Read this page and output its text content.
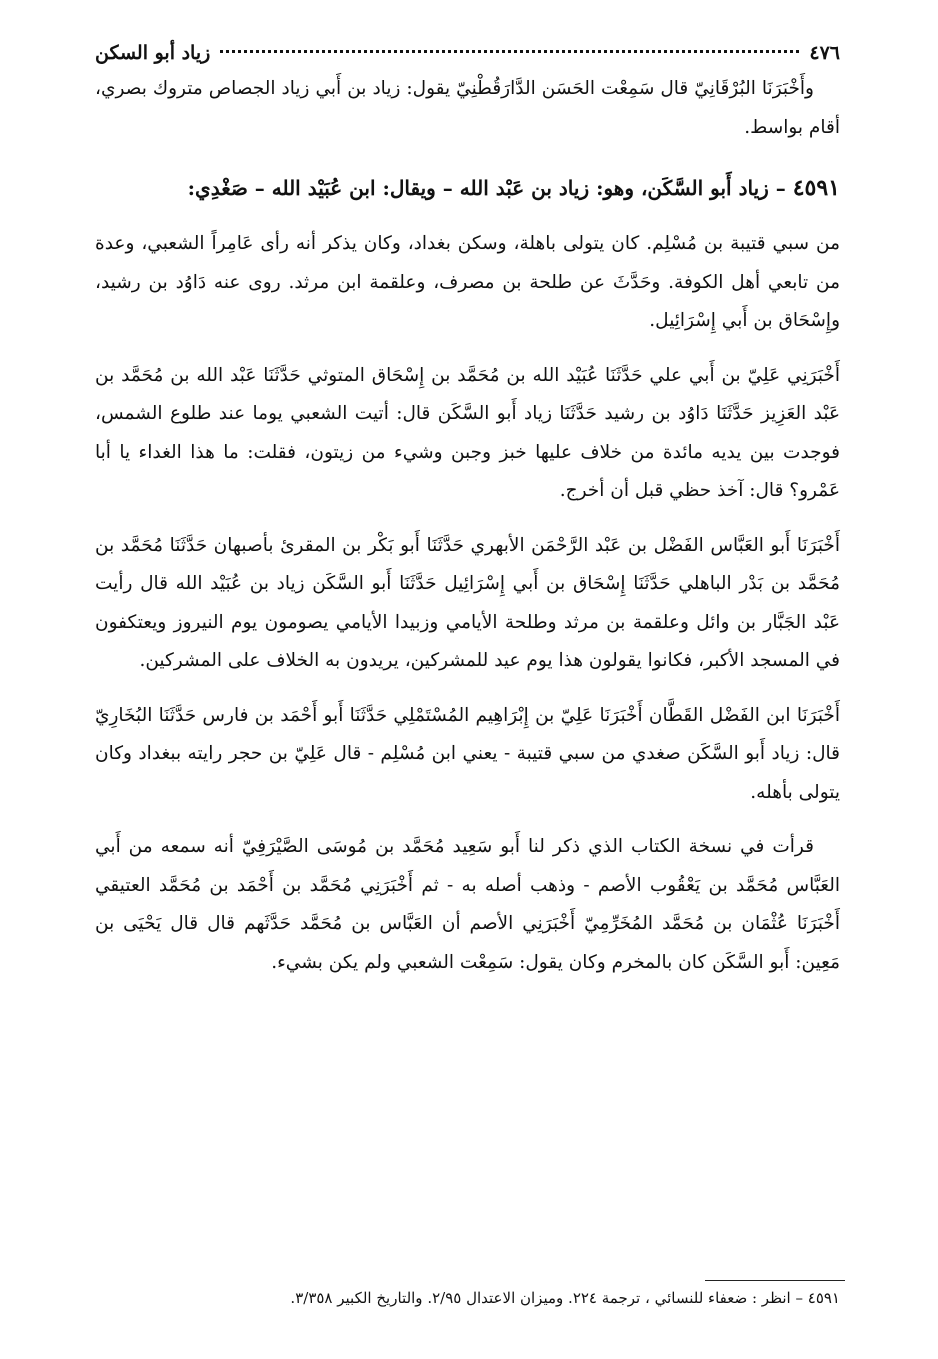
٤٧٦
زياد أبو السكن

وأَخْبَرَنَا البُرْقَانِيّ قال سَمِعْت الحَسَن الدَّارَقُطْنِيّ يقول: زياد بن أَبي زياد الجصاص متروك بصري، أقام بواسط.

٤٥٩١ – زياد أَبو السَّكَن، وهو: زياد بن عَبْد الله – ويقال: ابن عُبَيْد الله – صَغْدِي:

من سبي قتيبة بن مُسْلِم. كان يتولى باهلة، وسكن بغداد، وكان يذكر أنه رأى عَامِراً الشعبي، وعدة من تابعي أهل الكوفة. وحَدَّثَ عن طلحة بن مصرف، وعلقمة ابن مرثد. روى عنه دَاوُد بن رشيد، وإِسْحَاق بن أَبي إِسْرَائِيل.

أَخْبَرَنِي عَلِيّ بن أَبي علي حَدَّثَنَا عُبَيْد الله بن مُحَمَّد بن إِسْحَاق المتوثي حَدَّثَنَا عَبْد الله بن مُحَمَّد بن عَبْد العَزِيز حَدَّثَنَا دَاوُد بن رشيد حَدَّثَنَا زياد أَبو السَّكَن قال: أتيت الشعبي يوما عند طلوع الشمس، فوجدت بين يديه مائدة من خلاف عليها خبز وجبن وشيء من زيتون، فقلت: ما هذا الغداء يا أبا عَمْرو؟ قال: آخذ حظي قبل أن أخرج.

أَخْبَرَنَا أَبو العَبَّاس الفَضْل بن عَبْد الرَّحْمَن الأبهري حَدَّثَنَا أَبو بَكْر بن المقرئ بأصبهان حَدَّثَنَا مُحَمَّد بن مُحَمَّد بن بَدْر الباهلي حَدَّثَنَا إِسْحَاق بن أَبي إِسْرَائِيل حَدَّثَنَا أَبو السَّكَن زياد بن عُبَيْد الله قال رأيت عَبْد الجَبَّار بن وائل وعلقمة بن مرثد وطلحة الأيامي وزبيدا الأيامي يصومون يوم النيروز ويعتكفون في المسجد الأكبر، فكانوا يقولون هذا يوم عيد للمشركين، يريدون به الخلاف على المشركين.

أَخْبَرَنَا ابن الفَضْل القَطَّان أَخْبَرَنَا عَلِيّ بن إِبْرَاهِيم المُسْتَمْلِي حَدَّثَنَا أَبو أَحْمَد بن فارس حَدَّثَنَا البُخَارِيّ قال: زياد أَبو السَّكَن صغدي من سبي قتيبة - يعني ابن مُسْلِم - قال عَلِيّ بن حجر رايته ببغداد وكان يتولى بأهله.

قرأت في نسخة الكتاب الذي ذكر لنا أَبو سَعِيد مُحَمَّد بن مُوسَى الصَّيْرَفِيّ أنه سمعه من أَبي العَبَّاس مُحَمَّد بن يَعْقُوب الأصم - وذهب أصله به - ثم أَخْبَرَنِي مُحَمَّد بن أَحْمَد بن مُحَمَّد العتيقي أَخْبَرَنَا عُثْمَان بن مُحَمَّد المُخَرِّمِيّ أَخْبَرَنِي الأصم أن العَبَّاس بن مُحَمَّد حَدَّثَهم قال قال يَحْيَى بن مَعِين: أَبو السَّكَن كان بالمخرم وكان يقول: سَمِعْت الشعبي ولم يكن بشيء.

٤٥٩١ – انظر : ضعفاء للنسائي ، ترجمة ٢٢٤. وميزان الاعتدال ٢/٩٥. والتاريخ الكبير ٣/٣٥٨.
